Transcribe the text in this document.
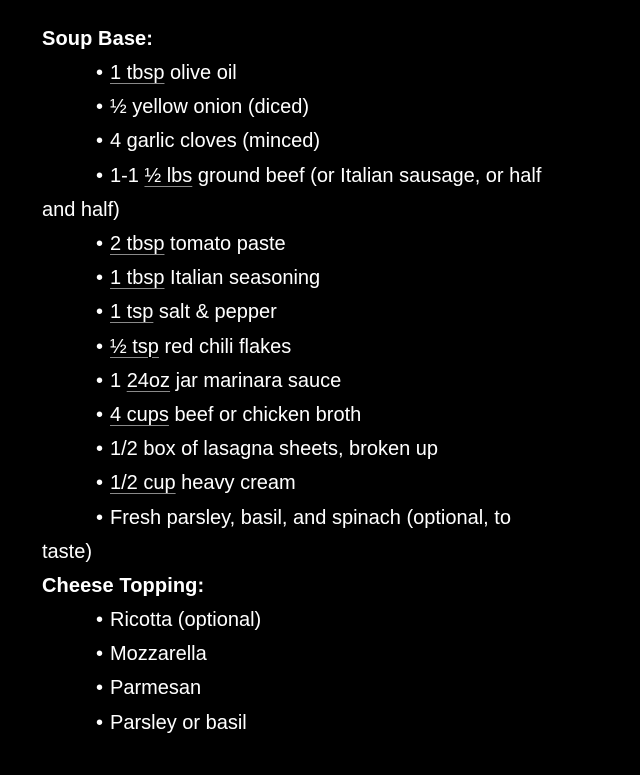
Soup Base:
• 1 tbsp olive oil
• ½ yellow onion (diced)
• 4 garlic cloves (minced)
• 1-1 ½ lbs ground beef (or Italian sausage, or half
and half)
• 2 tbsp tomato paste
• 1 tbsp Italian seasoning
• 1 tsp salt & pepper
• ½ tsp red chili flakes
• 1 24oz jar marinara sauce
• 4 cups beef or chicken broth
• 1/2 box of lasagna sheets, broken up
• 1/2 cup heavy cream
• Fresh parsley, basil, and spinach (optional, to
taste)
Cheese Topping:
• Ricotta (optional)
• Mozzarella
• Parmesan
• Parsley or basil
